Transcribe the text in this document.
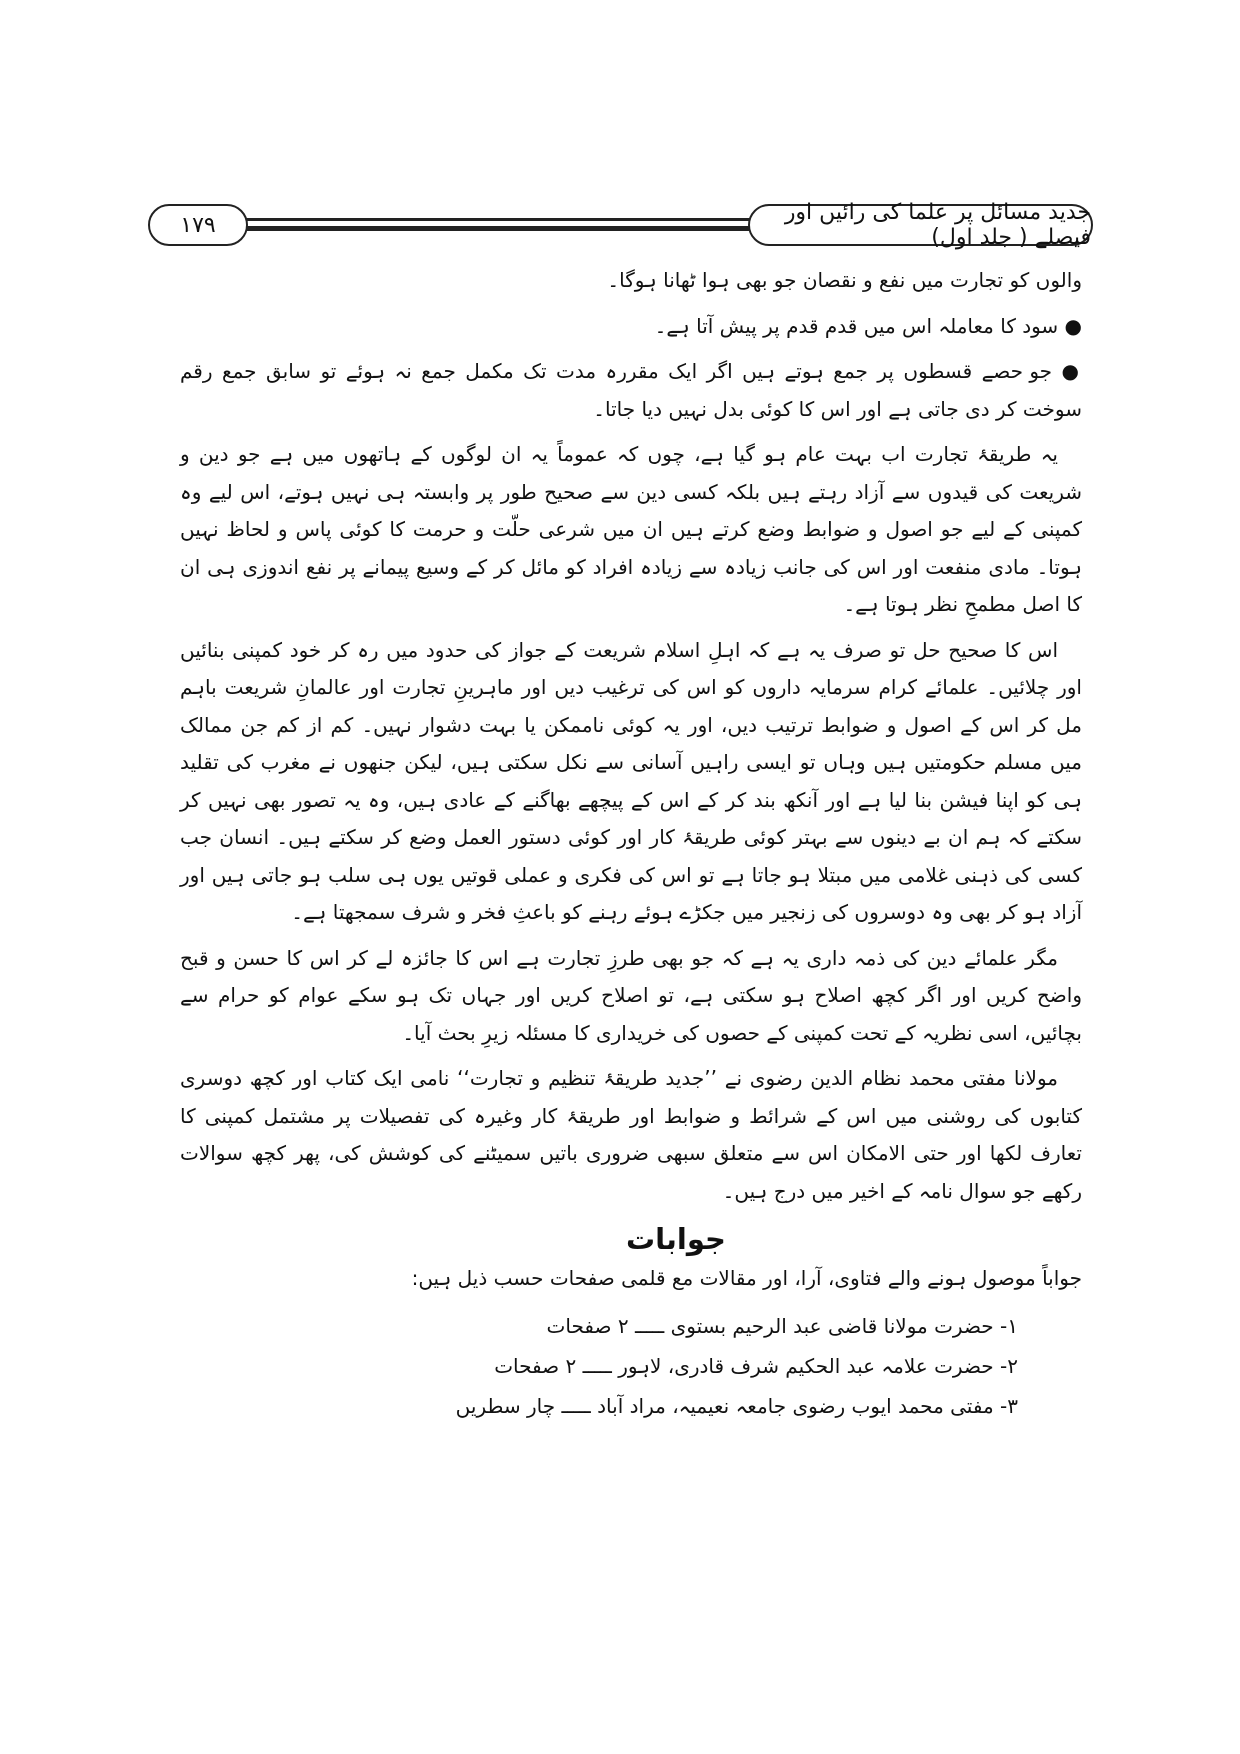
جدید مسائل پر علما کی رائیں اور فیصلے ( جلد اول)
۱۷۹

والوں کو تجارت میں نفع و نقصان جو بھی ہوا ٹھانا ہوگا۔

● سود کا معاملہ اس میں قدم قدم پر پیش آتا ہے۔

● جو حصے قسطوں پر جمع ہوتے ہیں اگر ایک مقررہ مدت تک مکمل جمع نہ ہوئے تو سابق جمع رقم سوخت کر دی جاتی ہے اور اس کا کوئی بدل نہیں دیا جاتا۔

یہ طریقۂ تجارت اب بہت عام ہو گیا ہے، چوں کہ عموماً یہ ان لوگوں کے ہاتھوں میں ہے جو دین و شریعت کی قیدوں سے آزاد رہتے ہیں بلکہ کسی دین سے صحیح طور پر وابستہ ہی نہیں ہوتے، اس لیے وہ کمپنی کے لیے جو اصول و ضوابط وضع کرتے ہیں ان میں شرعی حلّت و حرمت کا کوئی پاس و لحاظ نہیں ہوتا۔ مادی منفعت اور اس کی جانب زیادہ سے زیادہ افراد کو مائل کر کے وسیع پیمانے پر نفع اندوزی ہی ان کا اصل مطمحِ نظر ہوتا ہے۔

اس کا صحیح حل تو صرف یہ ہے کہ اہلِ اسلام شریعت کے جواز کی حدود میں رہ کر خود کمپنی بنائیں اور چلائیں۔ علمائے کرام سرمایہ داروں کو اس کی ترغیب دیں اور ماہرینِ تجارت اور عالمانِ شریعت باہم مل کر اس کے اصول و ضوابط ترتیب دیں، اور یہ کوئی ناممکن یا بہت دشوار نہیں۔ کم از کم جن ممالک میں مسلم حکومتیں ہیں وہاں تو ایسی راہیں آسانی سے نکل سکتی ہیں، لیکن جنھوں نے مغرب کی تقلید ہی کو اپنا فیشن بنا لیا ہے اور آنکھ بند کر کے اس کے پیچھے بھاگنے کے عادی ہیں، وہ یہ تصور بھی نہیں کر سکتے کہ ہم ان بے دینوں سے بہتر کوئی طریقۂ کار اور کوئی دستور العمل وضع کر سکتے ہیں۔ انسان جب کسی کی ذہنی غلامی میں مبتلا ہو جاتا ہے تو اس کی فکری و عملی قوتیں یوں ہی سلب ہو جاتی ہیں اور آزاد ہو کر بھی وہ دوسروں کی زنجیر میں جکڑے ہوئے رہنے کو باعثِ فخر و شرف سمجھتا ہے۔

مگر علمائے دین کی ذمہ داری یہ ہے کہ جو بھی طرزِ تجارت ہے اس کا جائزہ لے کر اس کا حسن و قبح واضح کریں اور اگر کچھ اصلاح ہو سکتی ہے، تو اصلاح کریں اور جہاں تک ہو سکے عوام کو حرام سے بچائیں، اسی نظریہ کے تحت کمپنی کے حصوں کی خریداری کا مسئلہ زیرِ بحث آیا۔

مولانا مفتی محمد نظام الدین رضوی نے ’’جدید طریقۂ تنظیم و تجارت‘‘ نامی ایک کتاب اور کچھ دوسری کتابوں کی روشنی میں اس کے شرائط و ضوابط اور طریقۂ کار وغیرہ کی تفصیلات پر مشتمل کمپنی کا تعارف لکھا اور حتی الامکان اس سے متعلق سبھی ضروری باتیں سمیٹنے کی کوشش کی، پھر کچھ سوالات رکھے جو سوال نامہ کے اخیر میں درج ہیں۔

جوابات

جواباً موصول ہونے والے فتاوی، آرا، اور مقالات مع قلمی صفحات حسب ذیل ہیں:

۱- حضرت مولانا قاضی عبد الرحیم بستوی ـــــ ۲ صفحات
۲- حضرت علامہ عبد الحکیم شرف قادری، لاہور ـــــ ۲ صفحات
۳- مفتی محمد ایوب رضوی جامعہ نعیمیہ، مراد آباد ـــــ چار سطریں
